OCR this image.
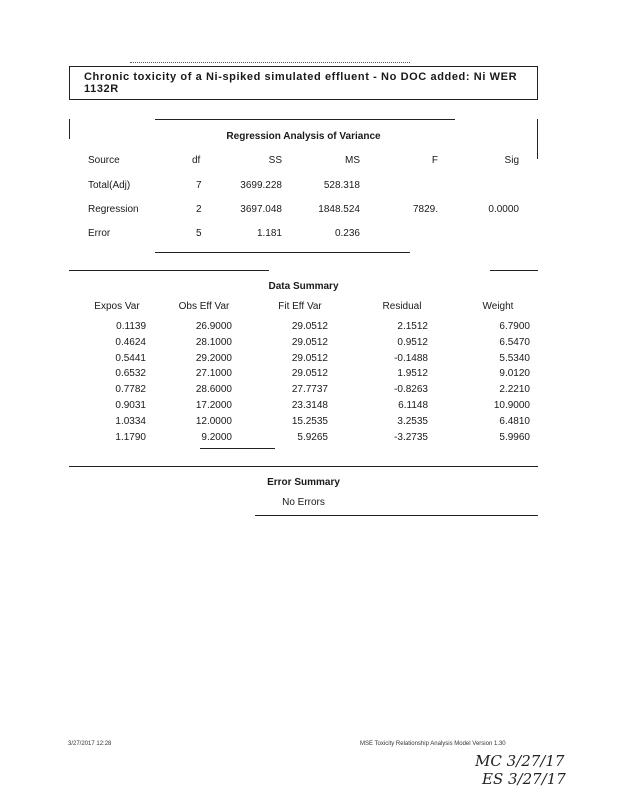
Chronic toxicity of a Ni-spiked simulated effluent - No DOC added: Ni WER 1132R
Regression Analysis of Variance
Source	df	SS	MS	F	Sig
Total(Adj)	7	3699.228	528.318
Regression	2	3697.048	1848.524	7829.	0.0000
Error	5	1.181	0.236
Data Summary
Expos Var	Obs Eff Var	Fit Eff Var	Residual	Weight
0.1139	26.9000	29.0512	2.1512	6.7900
0.4624	28.1000	29.0512	0.9512	6.5470
0.5441	29.2000	29.0512	-0.1488	5.5340
0.6532	27.1000	29.0512	1.9512	9.0120
0.7782	28.6000	27.7737	-0.8263	2.2210
0.9031	17.2000	23.3148	6.1148	10.9000
1.0334	12.0000	15.2535	3.2535	6.4810
1.1790	9.2000	5.9265	-3.2735	5.9960
Error Summary
No Errors
3/27/2017 12:28	MSE Toxicity Relationship Analysis Model Version 1.30
MC 3/27/17
ES 3/27/17
